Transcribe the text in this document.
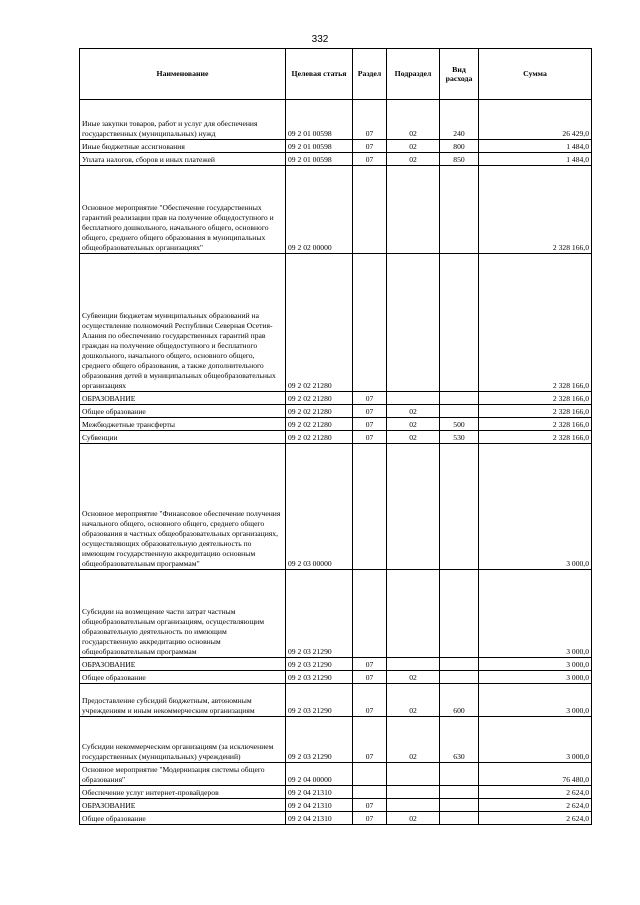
332
Наименование	Целевая статья	Раздел	Подраздел	Вид расхода	Сумма
Иные закупки товаров, работ и услуг для обеспечения государственных (муниципальных) нужд	09 2 01 00598	07	02	240	26 429,0
Иные бюджетные ассигнования	09 2 01 00598	07	02	800	1 484,0
Уплата налогов, сборов и иных платежей	09 2 01 00598	07	02	850	1 484,0
Основное мероприятие "Обеспечение государственных гарантий реализации прав на получение общедоступного и бесплатного дошкольного, начального общего, основного общего, среднего общего образования в муниципальных общеобразовательных организациях"	09 2 02 00000				2 328 166,0
Субвенции бюджетам муниципальных образований на осуществление полномочий Республики Северная Осетия-Алания по обеспечению государственных гарантий прав граждан на получение общедоступного и бесплатного дошкольного, начального общего, основного общего, среднего общего образования, а также дополнительного образования детей в муниципальных общеобразовательных организациях	09 2 02 21280				2 328 166,0
ОБРАЗОВАНИЕ	09 2 02 21280	07			2 328 166,0
Общее образование	09 2 02 21280	07	02		2 328 166,0
Межбюджетные трансферты	09 2 02 21280	07	02	500	2 328 166,0
Субвенции	09 2 02 21280	07	02	530	2 328 166,0
Основное мероприятие "Финансовое обеспечение получения начального общего, основного общего, среднего общего образования в частных общеобразовательных организациях, осуществляющих образовательную деятельность по имеющим государственную аккредитацию основным общеобразовательным программам"	09 2 03 00000				3 000,0
Субсидии на возмещение части затрат частным общеобразовательным организациям, осуществляющим образовательную деятельность по имеющим государственную аккредитацию основным общеобразовательным программам	09 2 03 21290				3 000,0
ОБРАЗОВАНИЕ	09 2 03 21290	07			3 000,0
Общее образование	09 2 03 21290	07	02		3 000,0
Предоставление субсидий бюджетным, автономным учреждениям и иным некоммерческим организациям	09 2 03 21290	07	02	600	3 000,0
Субсидии некоммерческим организациям (за исключением государственных (муниципальных) учреждений)	09 2 03 21290	07	02	630	3 000,0
Основное мероприятие "Модернизация системы общего образования"	09 2 04 00000				76 480,0
Обеспечение услуг интернет-провайдеров	09 2 04 21310				2 624,0
ОБРАЗОВАНИЕ	09 2 04 21310	07			2 624,0
Общее образование	09 2 04 21310	07	02		2 624,0
